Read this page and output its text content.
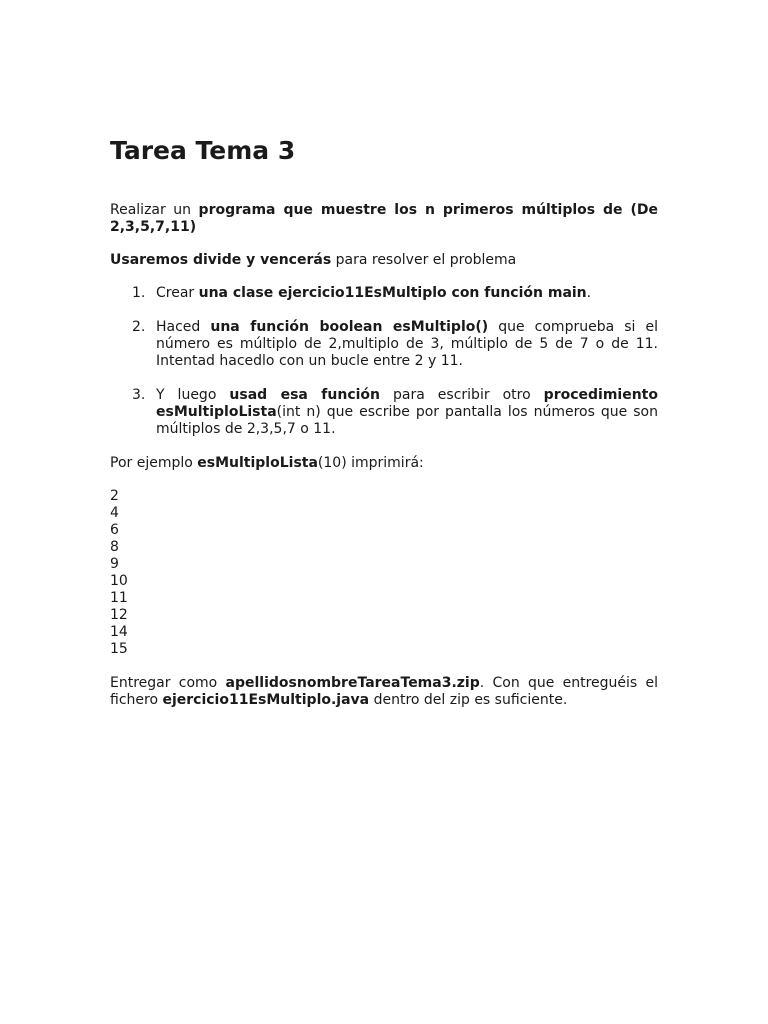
Tarea Tema 3

Realizar un programa que muestre los n primeros múltiplos de (De 2,3,5,7,11)

Usaremos divide y vencerás para resolver el problema

1. Crear una clase ejercicio11EsMultiplo con función main.

2. Haced una función boolean esMultiplo() que comprueba si el número es múltiplo de 2,multiplo de 3, múltiplo de 5 de 7 o de 11. Intentad hacedlo con un bucle entre 2 y 11.

3. Y luego usad esa función para escribir otro procedimiento esMultiploLista(int n) que escribe por pantalla los números que son múltiplos de 2,3,5,7 o 11.

Por ejemplo esMultiploLista(10) imprimirá:

2
4
6
8
9
10
11
12
14
15

Entregar como apellidosnombreTareaTema3.zip. Con que entreguéis el fichero ejercicio11EsMultiplo.java dentro del zip es suficiente.
